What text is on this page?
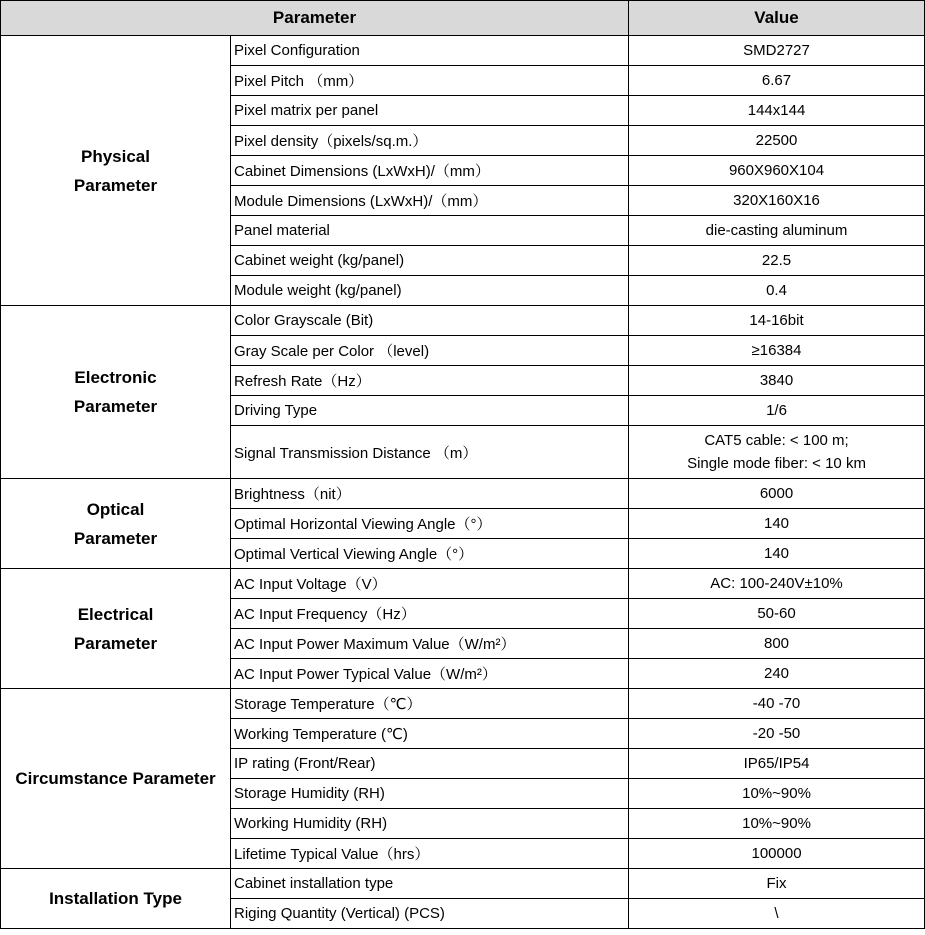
Parameter		Value

Physical
Parameter	Pixel Configuration	SMD2727
	Pixel Pitch （mm）	6.67
	Pixel matrix per panel	144x144
	Pixel density（pixels/sq.m.）	22500
	Cabinet Dimensions (LxWxH)/（mm）	960X960X104
	Module Dimensions (LxWxH)/（mm）	320X160X16
	Panel material	die-casting aluminum
	Cabinet weight (kg/panel)	22.5
	Module weight (kg/panel)	0.4

Electronic
Parameter	Color Grayscale (Bit)	14-16bit
	Gray Scale per Color （level)	≥16384
	Refresh Rate（Hz）	3840
	Driving Type	1/6
	Signal Transmission Distance （m）	CAT5 cable: < 100 m;
Single mode fiber: < 10 km

Optical
Parameter	Brightness（nit）	6000
	Optimal Horizontal Viewing Angle（°）	140
	Optimal Vertical Viewing Angle（°）	140

Electrical
Parameter	AC Input Voltage（V）	AC: 100-240V±10%
	AC Input Frequency（Hz）	50-60
	AC Input Power Maximum Value（W/m²）	800
	AC Input Power Typical Value（W/m²）	240

Circumstance Parameter	Storage Temperature（℃）	-40 -70
	Working Temperature (℃)	-20 -50
	IP rating (Front/Rear)	IP65/IP54
	Storage Humidity (RH)	10%~90%
	Working Humidity (RH)	10%~90%
	Lifetime Typical Value（hrs）	100000

Installation Type	Cabinet installation type	Fix
	Riging Quantity (Vertical) (PCS)	\
